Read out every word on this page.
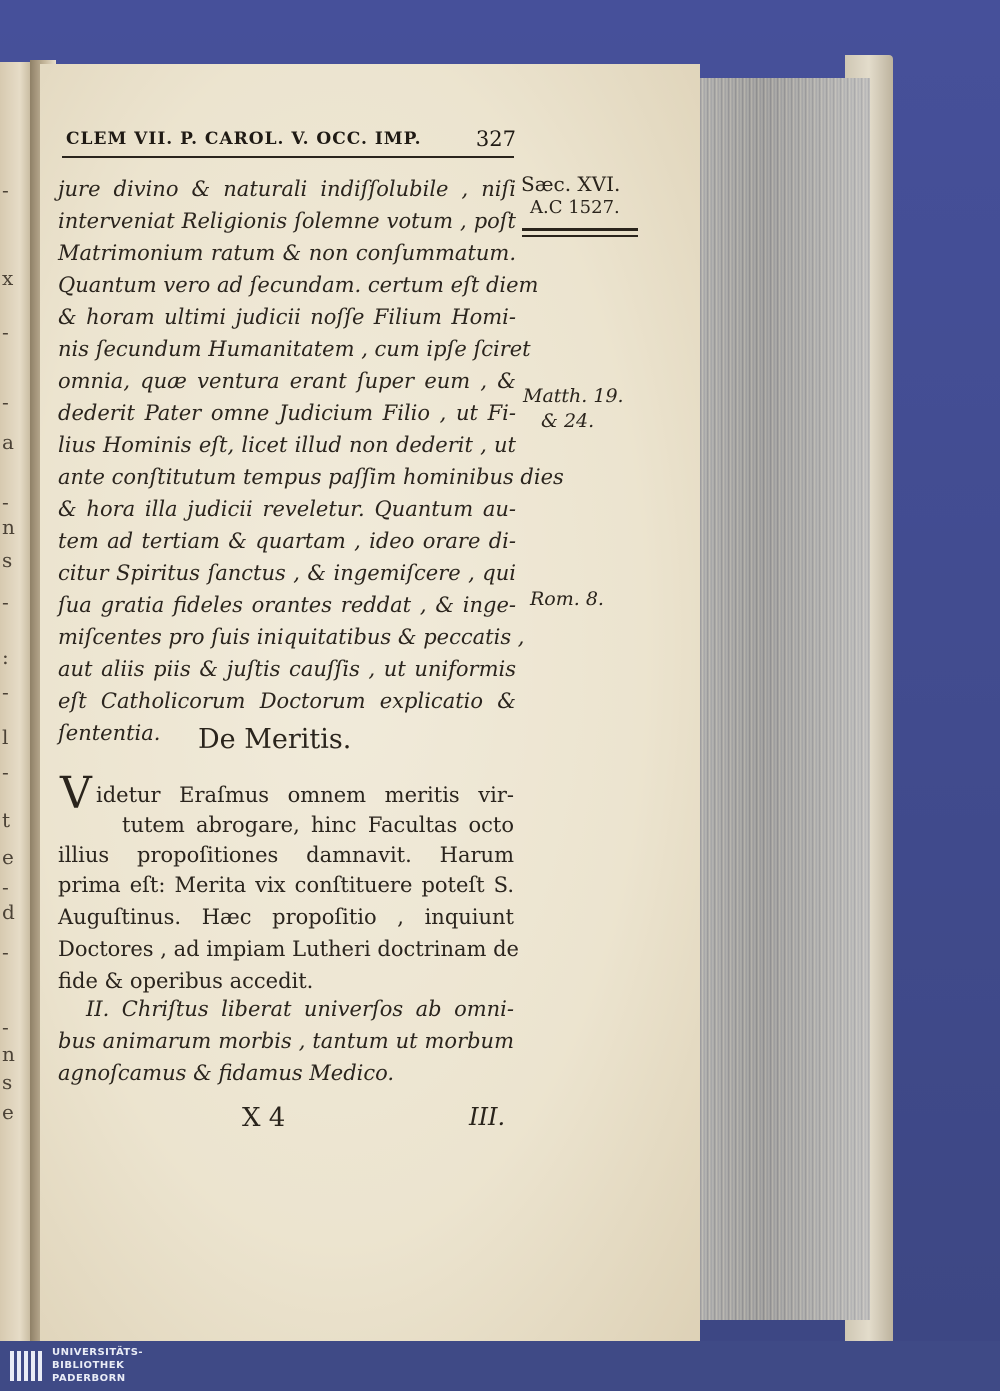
-
x
-
-
a
-
n
s
-
:
-
l
-
t
e
-
d
-
-
n
s
e
CLEM VII. P. CAROL. V. OCC. IMP.	327
jure divino & naturali indiſſolubile , niſi
interveniat Religionis ſolemne votum , poſt
Matrimonium ratum & non conſummatum.
Quantum vero ad ſecundam. certum eſt diem
& horam ultimi judicii noſſe Filium Homi-
nis ſecundum Humanitatem , cum ipſe ſciret
omnia, quæ ventura erant ſuper eum , &
dederit Pater omne Judicium Filio , ut Fi-
lius Hominis eſt, licet illud non dederit , ut
ante conſtitutum tempus paſſim hominibus dies
& hora illa judicii reveletur. Quantum au-
tem ad tertiam & quartam , ideo orare di-
citur Spiritus ſanctus , & ingemiſcere , qui
ſua gratia fideles orantes reddat , & inge-
miſcentes pro ſuis iniquitatibus & peccatis ,
aut aliis piis & juſtis cauſſis , ut uniformis
eſt Catholicorum Doctorum explicatio &
ſententia.
Sæc. XVI.
A.C 1527.
Matth. 19.
& 24.
Rom. 8.
De Meritis.
V idetur Eraſmus omnem meritis vir-
tutem abrogare, hinc Facultas octo
illius propoſitiones damnavit. Harum
prima eſt: Merita vix conſtituere poteſt S.
Auguſtinus. Hæc propoſitio , inquiunt
Doctores , ad impiam Lutheri doctrinam de
fide & operibus accedit.
II. Chriſtus liberat univerſos ab omni-
bus animarum morbis , tantum ut morbum
agnoſcamus & fidamus Medico.
X 4	III.
UNIVERSITÄTS-
BIBLIOTHEK
PADERBORN
